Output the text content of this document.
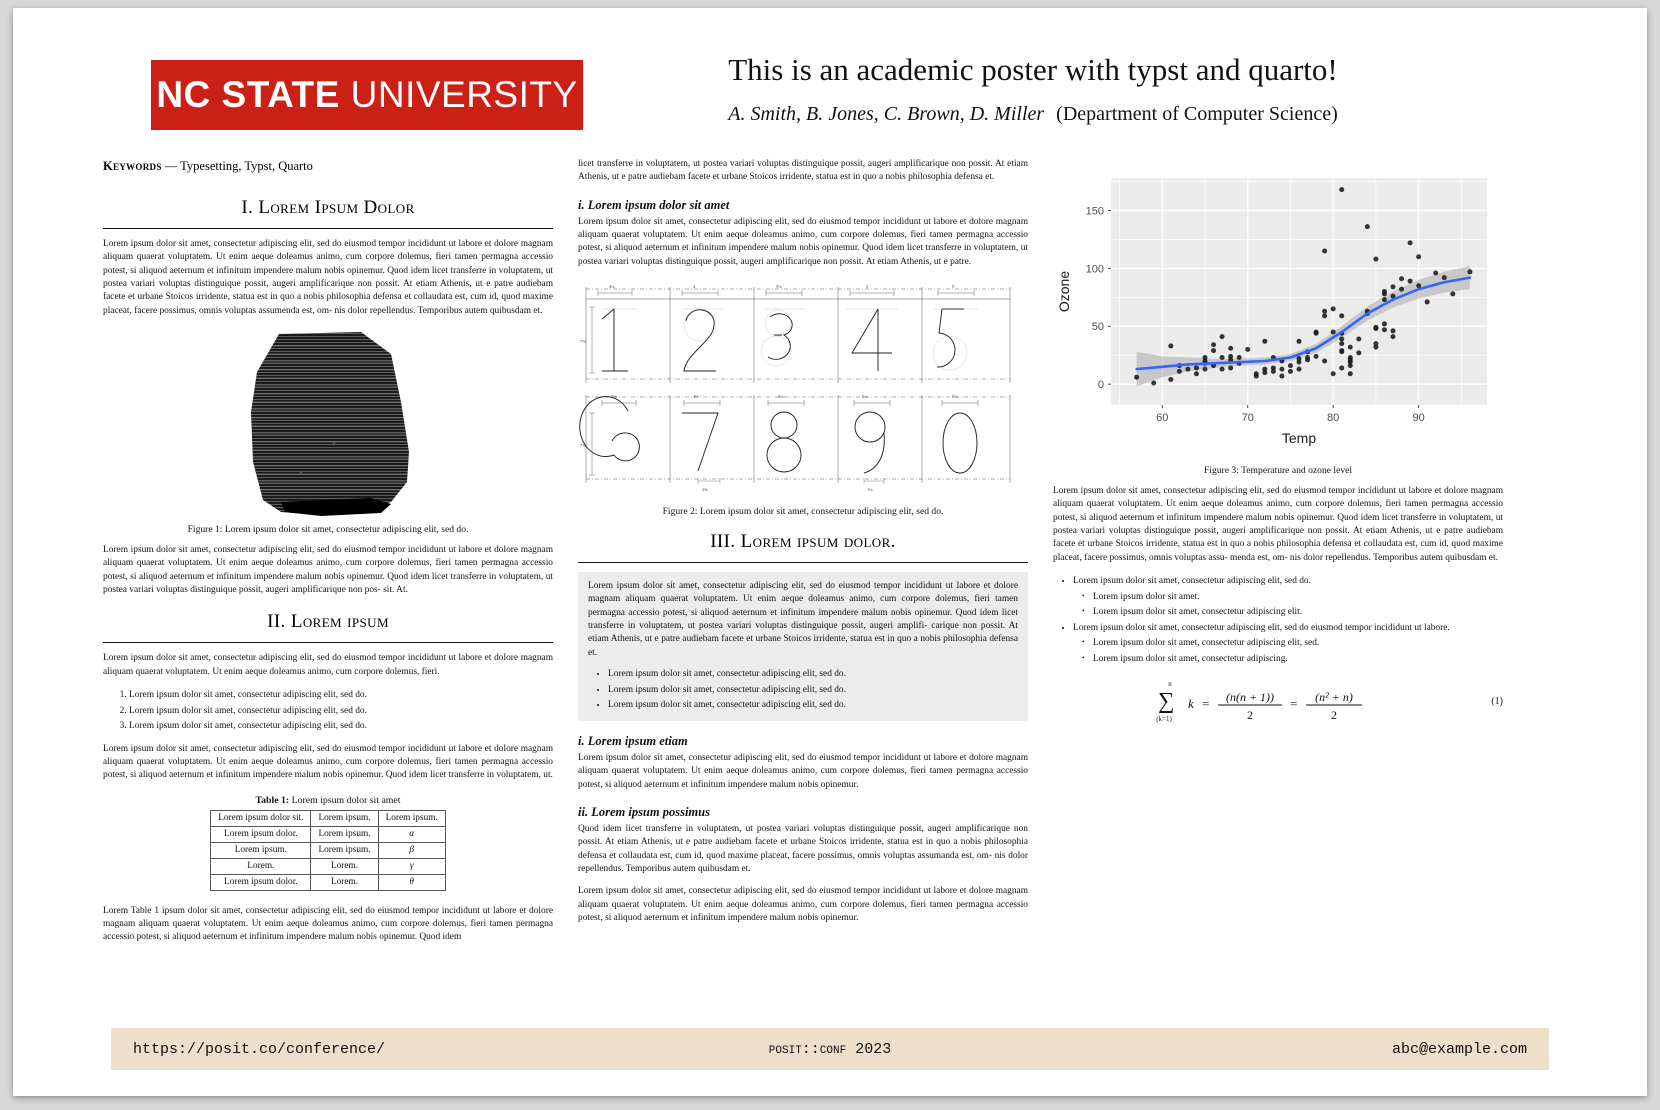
NC STATE UNIVERSITY
This is an academic poster with typst and quarto!
A. Smith, B. Jones, C. Brown, D. Miller (Department of Computer Science)
Keywords — Typesetting, Typst, Quarto
I. Lorem Ipsum Dolor

Lorem ipsum dolor sit amet, consectetur adipiscing elit, sed do eiusmod tempor incididunt ut labore et dolore magnam aliquam quaerat voluptatem. Ut enim aeque doleamus animo, cum corpore dolemus, fieri tamen permagna accessio potest, si aliquod aeternum et infinitum impendere malum nobis opinemur. Quod idem licet transferre in voluptatem, ut postea variari voluptas distinguique possit, augeri amplificarique non possit. At etiam Athenis, ut e patre audiebam facete et urbane Stoicos irridente, statua est in quo a nobis philosophia defensa et collaudata est, cum id, quod maxime placeat, facere possimus, omnis voluptas assumenda est, om- nis dolor repellendus. Temporibus autem quibusdam et.

Figure 1: Lorem ipsum dolor sit amet, consectetur adipiscing elit, sed do.

Lorem ipsum dolor sit amet, consectetur adipiscing elit, sed do eiusmod tempor incididunt ut labore et dolore magnam aliquam quaerat voluptatem. Ut enim aeque doleamus animo, cum corpore dolemus, fieri tamen permagna accessio potest, si aliquod aeternum et infinitum impendere malum nobis opinemur. Quod idem licet transferre in voluptatem, ut postea variari voluptas distinguique possit, augeri amplificarique non pos- sit. At.

II. Lorem ipsum

Lorem ipsum dolor sit amet, consectetur adipiscing elit, sed do eiusmod tempor incididunt ut labore et dolore magnam aliquam quaerat voluptatem. Ut enim aeque doleamus animo, cum corpore dolemus, fieri.

1. Lorem ipsum dolor sit amet, consectetur adipiscing elit, sed do.
2. Lorem ipsum dolor sit amet, consectetur adipiscing elit, sed do.
3. Lorem ipsum dolor sit amet, consectetur adipiscing elit, sed do.

Lorem ipsum dolor sit amet, consectetur adipiscing elit, sed do eiusmod tempor incididunt ut labore et dolore magnam aliquam quaerat voluptatem. Ut enim aeque doleamus animo, cum corpore dolemus, fieri tamen permagna accessio potest, si aliquod aeternum et infinitum impendere malum nobis opinemur. Quod idem licet transferre in voluptatem, ut.

Table 1: Lorem ipsum dolor sit amet
Lorem ipsum dolor sit.	Lorem ipsum.	Lorem ipsum.
Lorem ipsum dolor.	Lorem ipsum.	α
Lorem ipsum.	Lorem ipsum.	β
Lorem.	Lorem.	γ
Lorem ipsum dolor.	Lorem.	θ

Lorem Table 1 ipsum dolor sit amet, consectetur adipiscing elit, sed do eiusmod tempor incididunt ut labore et dolore magnam aliquam quaerat voluptatem. Ut enim aeque doleamus animo, cum corpore dolemus, fieri tamen permagna accessio potest, si aliquod aeternum et infinitum impendere malum nobis opinemur. Quod idem

licet transferre in voluptatem, ut postea variari voluptas distinguique possit, augeri amplificarique non possit. At etiam Athenis, ut e patre audiebam facete et urbane Stoicos irridente, statua est in quo a nobis philosophia defensa et.

i. Lorem ipsum dolor sit amet

Lorem ipsum dolor sit amet, consectetur adipiscing elit, sed do eiusmod tempor incididunt ut labore et dolore magnam aliquam quaerat voluptatem. Ut enim aeque doleamus animo, cum corpore dolemus, fieri tamen permagna accessio potest, si aliquod aeternum et infinitum impendere malum nobis opinemur. Quod idem licet transferre in voluptatem, ut postea variari voluptas distinguique possit, augeri amplificarique non possit. At etiam Athenis, ut e patre.

4¼	4	5⅛	5	5
7⅞
5½	4½	5¼	5¼	5½
7⅞
1⅜	1¼
Figure 2: Lorem ipsum dolor sit amet, consectetur adipiscing elit, sed do.
III. Lorem ipsum dolor.

Lorem ipsum dolor sit amet, consectetur adipiscing elit, sed do eiusmod tempor incididunt ut labore et dolore magnam aliquam quaerat voluptatem. Ut enim aeque doleamus animo, cum corpore dolemus, fieri tamen permagna accessio potest, si aliquod aeternum et infinitum impendere malum nobis opinemur. Quod idem licet transferre in voluptatem, ut postea variari voluptas distinguique possit, augeri amplifi- carique non possit. At etiam Athenis, ut e patre audiebam facete et urbane Stoicos irridente, statua est in quo a nobis philosophia defensa et.

• Lorem ipsum dolor sit amet, consectetur adipiscing elit, sed do.
• Lorem ipsum dolor sit amet, consectetur adipiscing elit, sed do.
• Lorem ipsum dolor sit amet, consectetur adipiscing elit, sed do.
i. Lorem ipsum etiam

Lorem ipsum dolor sit amet, consectetur adipiscing elit, sed do eiusmod tempor incididunt ut labore et dolore magnam aliquam quaerat voluptatem. Ut enim aeque doleamus animo, cum corpore dolemus, fieri tamen permagna accessio potest, si aliquod aeternum et infinitum impendere malum nobis opinemur.

ii. Lorem ipsum possimus

Quod idem licet transferre in voluptatem, ut postea variari voluptas distinguique possit, augeri amplificarique non possit. At etiam Athenis, ut e patre audiebam facete et urbane Stoicos irridente, statua est in quo a nobis philosophia defensa et collaudata est, cum id, quod maxime placeat, facere possimus, omnis voluptas assumanda est, om- nis dolor repellendus. Temporibus autem quibusdam et.

Lorem ipsum dolor sit amet, consectetur adipiscing elit, sed do eiusmod tempor incididunt ut labore et dolore magnam aliquam quaerat voluptatem. Ut enim aeque doleamus animo, cum corpore dolemus, fieri tamen permagna accessio potest, si aliquod aeternum et infinitum impendere malum nobis opinemur.

0
50
100
150
60	70	80	90
Temp
Ozone
Figure 3: Temperature and ozone level

Lorem ipsum dolor sit amet, consectetur adipiscing elit, sed do eiusmod tempor incididunt ut labore et dolore magnam aliquam quaerat voluptatem. Ut enim aeque doleamus animo, cum corpore dolemus, fieri tamen permagna accessio potest, si aliquod aeternum et infinitum impendere malum nobis opinemur. Quod idem licet transferre in voluptatem, ut postea variari voluptas distinguique possit, augeri amplificarique non possit. At etiam Athenis, ut e patre audiebam facete et urbane Stoicos irridente, statua est in quo a nobis philosophia defensa et collaudata est, cum id, quod maxime placeat, facere possimus, omnis voluptas assu- menda est, om- nis dolor repellendus. Temporibus autem quibusdam et.

• Lorem ipsum dolor sit amet, consectetur adipiscing elit, sed do.
• Lorem ipsum dolor sit amet.
• Lorem ipsum dolor sit amet, consectetur adipiscing elit.
• Lorem ipsum dolor sit amet, consectetur adipiscing elit, sed do eiusmod tempor incididunt ut labore.
• Lorem ipsum dolor sit amet, consectetur adipiscing elit, sed.
• Lorem ipsum dolor sit amet, consectetur adipiscing.
n
∑
(k=1)
k = (n(n + 1))
2
= (n² + n)
2
(1)
https://posit.co/conference/	posit::conf 2023	abc@example.com
